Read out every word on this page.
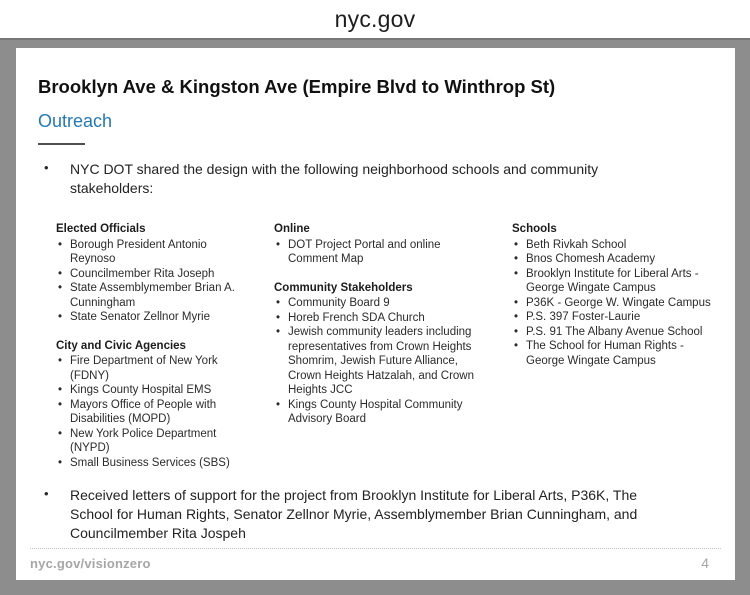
nyc.gov
Brooklyn Ave & Kingston Ave (Empire Blvd to Winthrop St)
Outreach
• NYC DOT shared the design with the following neighborhood schools and community stakeholders:
Elected Officials
• Borough President Antonio Reynoso
• Councilmember Rita Joseph
• State Assemblymember Brian A. Cunningham
• State Senator Zellnor Myrie
City and Civic Agencies
• Fire Department of New York (FDNY)
• Kings County Hospital EMS
• Mayors Office of People with Disabilities (MOPD)
• New York Police Department (NYPD)
• Small Business Services (SBS)
Online
• DOT Project Portal and online Comment Map
Community Stakeholders
• Community Board 9
• Horeb French SDA Church
• Jewish community leaders including representatives from Crown Heights Shomrim, Jewish Future Alliance, Crown Heights Hatzalah, and Crown Heights JCC
• Kings County Hospital Community Advisory Board
Schools
• Beth Rivkah School
• Bnos Chomesh Academy
• Brooklyn Institute for Liberal Arts - George Wingate Campus
• P36K - George W. Wingate Campus
• P.S. 397 Foster-Laurie
• P.S. 91 The Albany Avenue School
• The School for Human Rights - George Wingate Campus
• Received letters of support for the project from Brooklyn Institute for Liberal Arts, P36K, The School for Human Rights, Senator Zellnor Myrie, Assemblymember Brian Cunningham, and Councilmember Rita Jospeh
nyc.gov/visionzero	4
